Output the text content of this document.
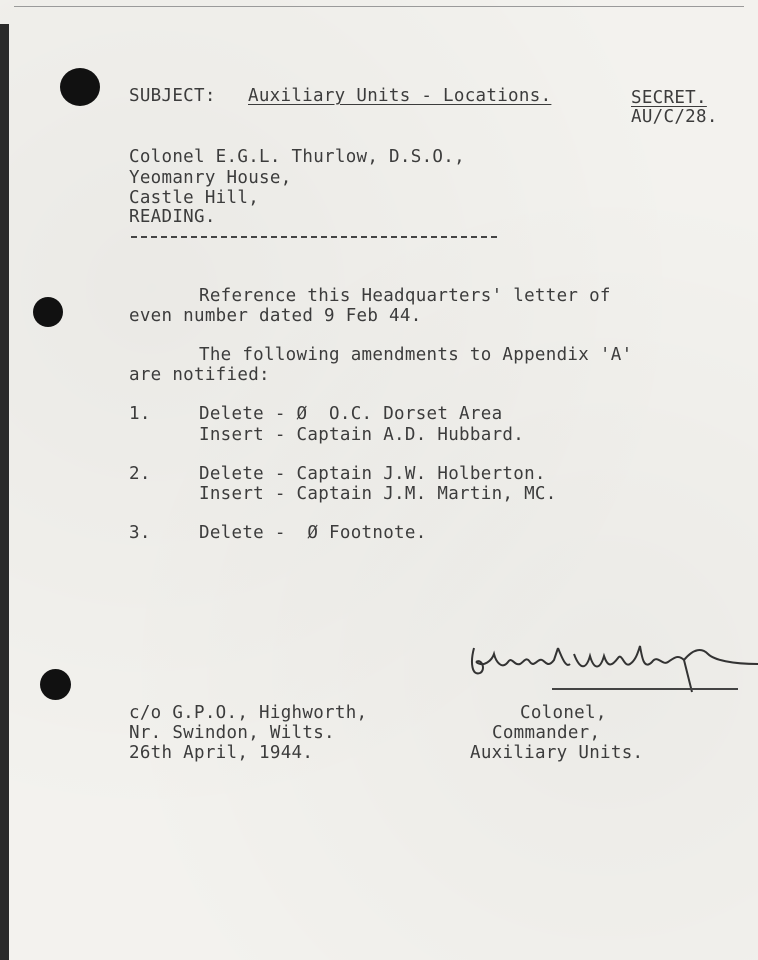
SUBJECT: Auxiliary Units - Locations.	SECRET.
AU/C/28.
Colonel E.G.L. Thurlow, D.S.O.,
Yeomanry House,
Castle Hill,
READING.
Reference this Headquarters' letter of
even number dated 9 Feb 44.
The following amendments to Appendix 'A'
are notified:
1.	Delete - Ø  O.C. Dorset Area
Insert - Captain A.D. Hubbard.
2.	Delete - Captain J.W. Holberton.
Insert - Captain J.M. Martin, MC.
3.	Delete -  Ø Footnote.
c/o G.P.O., Highworth,
Nr. Swindon, Wilts.
26th April, 1944.
Colonel,
Commander,
Auxiliary Units.
